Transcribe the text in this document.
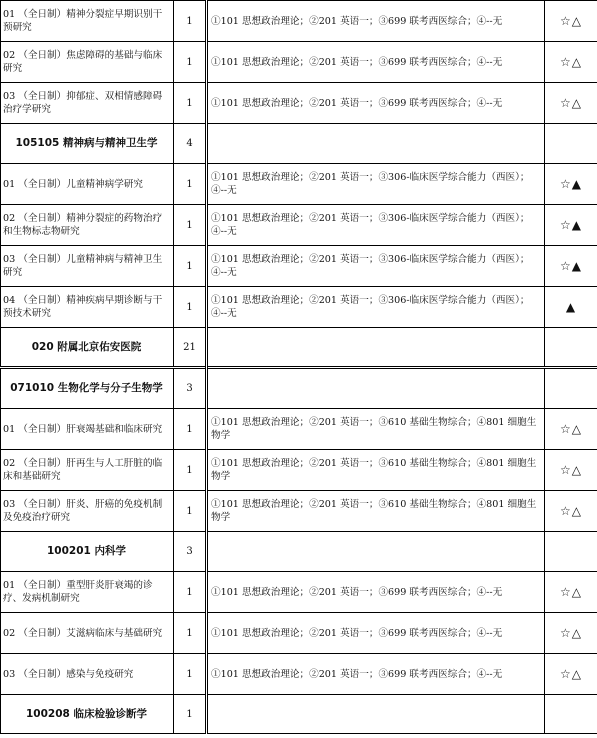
01 （全日制）精神分裂症早期识别干预研究	1	①101 思想政治理论；②201 英语一；③699 联考西医综合；④--无	☆△
02 （全日制）焦虑障碍的基础与临床研究	1	①101 思想政治理论；②201 英语一；③699 联考西医综合；④--无	☆△
03 （全日制）抑郁症、双相情感障碍治疗学研究	1	①101 思想政治理论；②201 英语一；③699 联考西医综合；④--无	☆△
105105 精神病与精神卫生学	4		
01 （全日制）儿童精神病学研究	1	①101 思想政治理论；②201 英语一；③306-临床医学综合能力（西医）；④--无	☆▲
02 （全日制）精神分裂症的药物治疗和生物标志物研究	1	①101 思想政治理论；②201 英语一；③306-临床医学综合能力（西医）；④--无	☆▲
03 （全日制）儿童精神病与精神卫生研究	1	①101 思想政治理论；②201 英语一；③306-临床医学综合能力（西医）；④--无	☆▲
04 （全日制）精神疾病早期诊断与干预技术研究	1	①101 思想政治理论；②201 英语一；③306-临床医学综合能力（西医）；④--无	▲
020 附属北京佑安医院	21		
071010 生物化学与分子生物学	3		
01 （全日制）肝衰竭基础和临床研究	1	①101 思想政治理论；②201 英语一；③610 基础生物综合；④801 细胞生物学	☆△
02 （全日制）肝再生与人工肝脏的临床和基础研究	1	①101 思想政治理论；②201 英语一；③610 基础生物综合；④801 细胞生物学	☆△
03 （全日制）肝炎、肝癌的免疫机制及免疫治疗研究	1	①101 思想政治理论；②201 英语一；③610 基础生物综合；④801 细胞生物学	☆△
100201 内科学	3		
01 （全日制）重型肝炎肝衰竭的诊疗、发病机制研究	1	①101 思想政治理论；②201 英语一；③699 联考西医综合；④--无	☆△
02 （全日制）艾滋病临床与基础研究	1	①101 思想政治理论；②201 英语一；③699 联考西医综合；④--无	☆△
03 （全日制）感染与免疫研究	1	①101 思想政治理论；②201 英语一；③699 联考西医综合；④--无	☆△
100208 临床检验诊断学	1		
